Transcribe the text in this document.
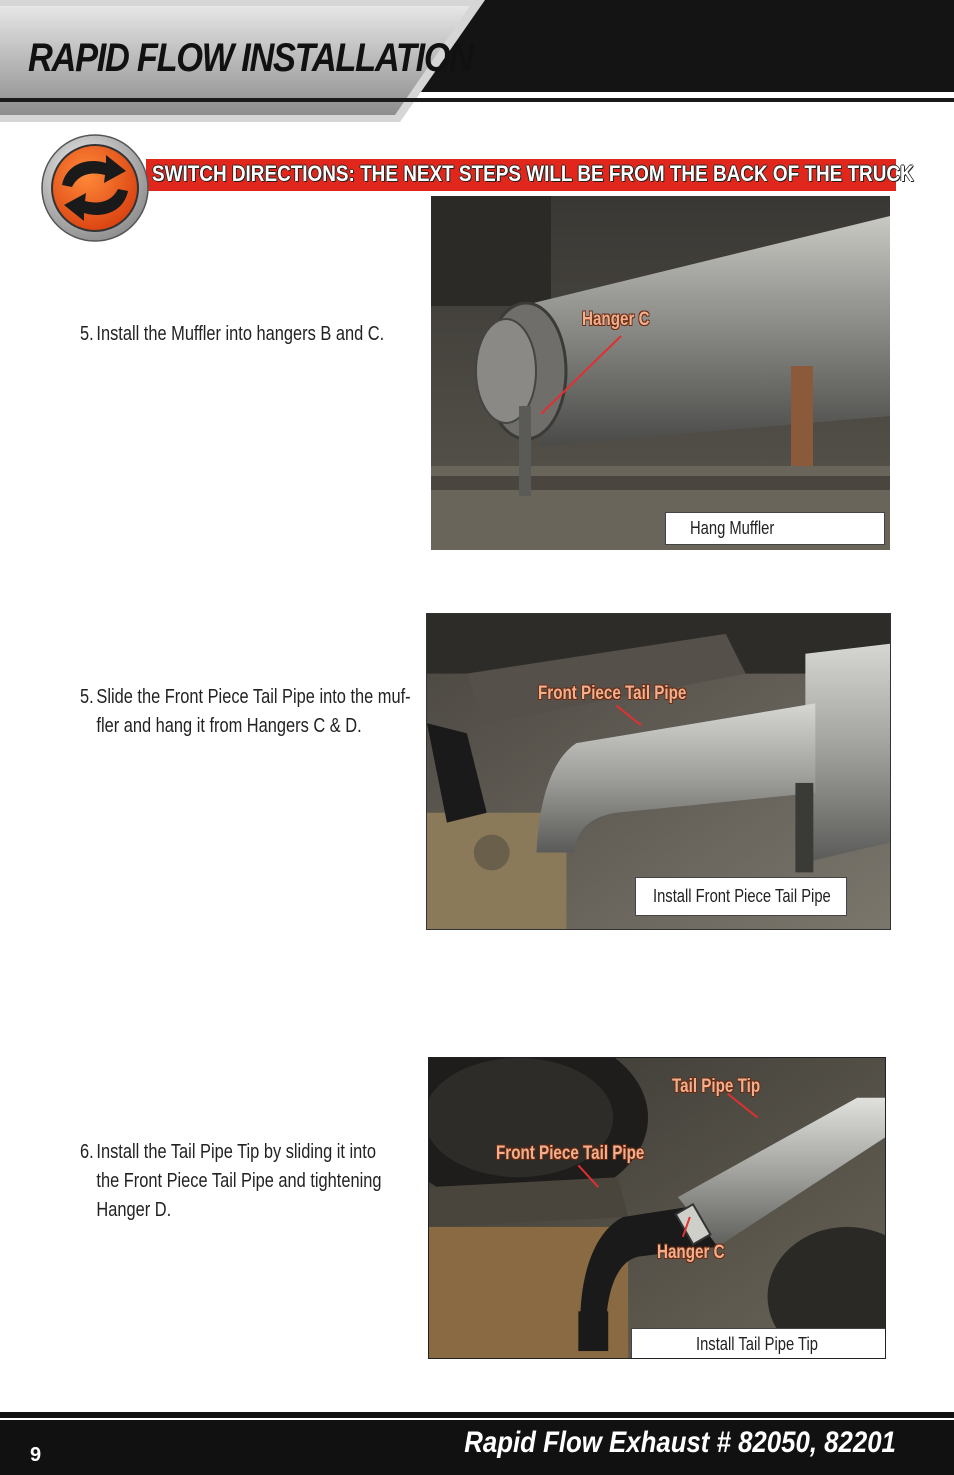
RAPID FLOW INSTALLATION
SWITCH DIRECTIONS: THE NEXT STEPS WILL BE FROM THE BACK OF THE TRUCK
5. Install the Muffler into hangers B and C.
5. Slide the Front Piece Tail Pipe into the muf-
fler and hang it from Hangers C & D.
6. Install the Tail Pipe Tip by sliding it into
the Front Piece Tail Pipe and tightening
Hanger D.
Hanger C
Hang Muffler
Front Piece Tail Pipe
Install Front Piece Tail Pipe
Tail Pipe Tip
Front Piece Tail Pipe
Hanger C
Install Tail Pipe Tip
9	Rapid Flow Exhaust # 82050, 82201
